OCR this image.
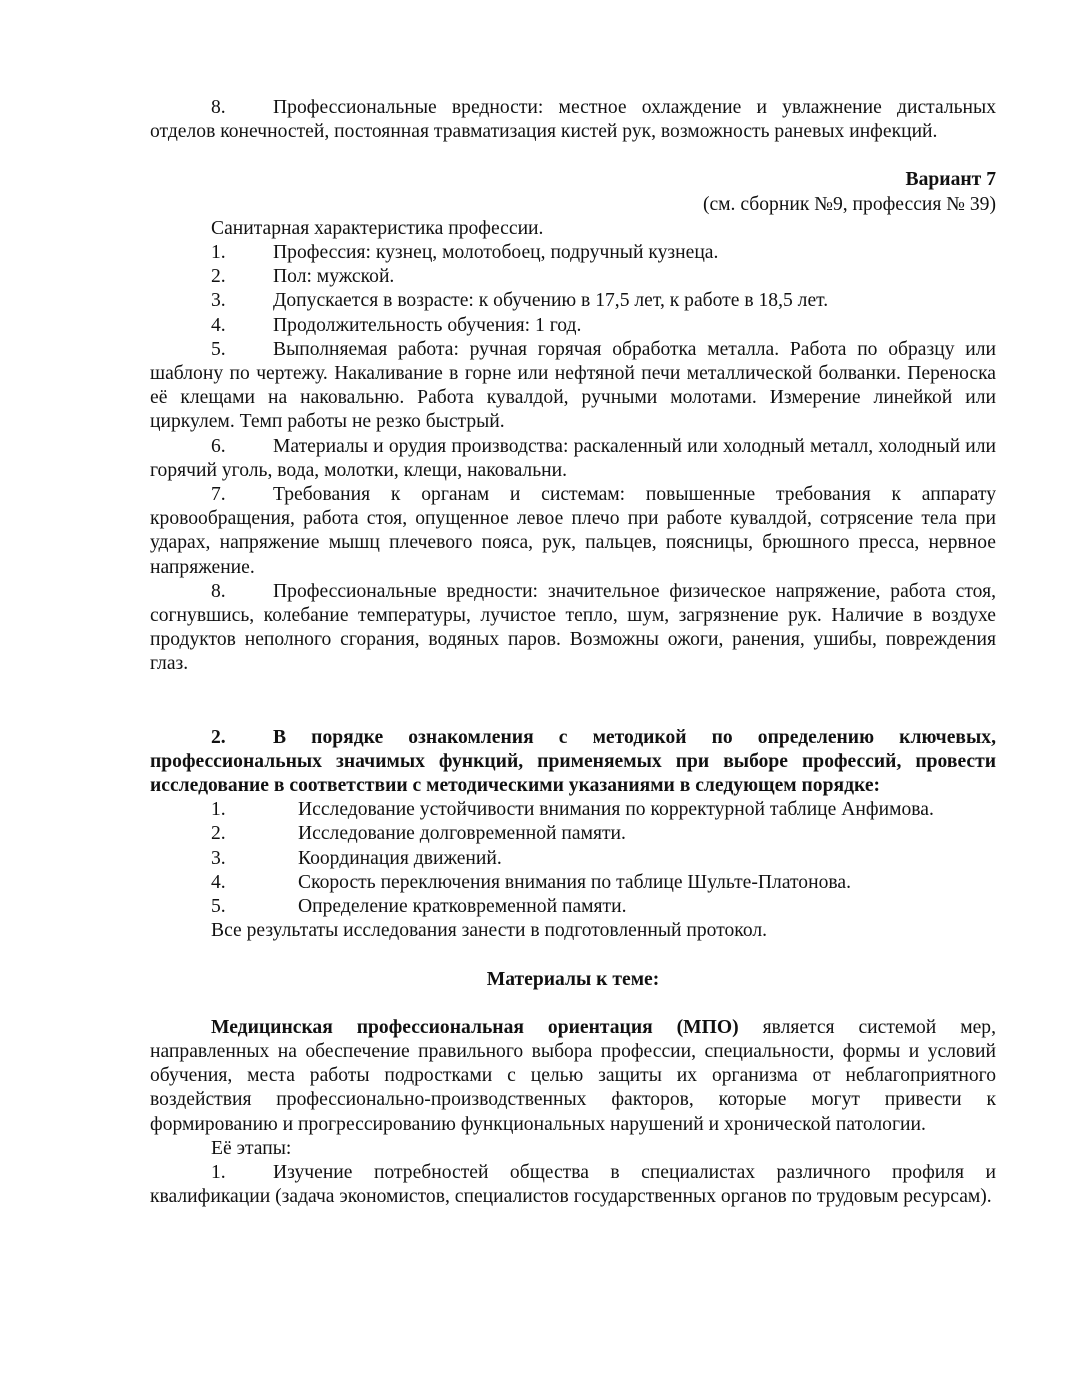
8. Профессиональные вредности: местное охлаждение и увлажнение дистальных отделов конечностей, постоянная травматизация кистей рук, возможность раневых инфекций.

Вариант 7

(см. сборник №9, профессия № 39)

Санитарная характеристика профессии.

1. Профессия: кузнец, молотобоец, подручный кузнеца.

2. Пол: мужской.

3. Допускается в возрасте: к обучению в 17,5 лет, к работе в 18,5 лет.

4. Продолжительность обучения: 1 год.

5. Выполняемая работа: ручная горячая обработка металла. Работа по образцу или шаблону по чертежу. Накаливание в горне или нефтяной печи металлической болванки. Переноска её клещами на наковальню. Работа кувалдой, ручными молотами. Измерение линейкой или циркулем. Темп работы не резко быстрый.

6. Материалы и орудия производства: раскаленный или холодный металл, холодный или горячий уголь, вода, молотки, клещи, наковальни.

7. Требования к органам и системам: повышенные требования к аппарату кровообращения, работа стоя, опущенное левое плечо при работе кувалдой, сотрясение тела при ударах, напряжение мышц плечевого пояса, рук, пальцев, поясницы, брюшного пресса, нервное напряжение.

8. Профессиональные вредности: значительное физическое напряжение, работа стоя, согнувшись, колебание температуры, лучистое тепло, шум, загрязнение рук. Наличие в воздухе продуктов неполного сгорания, водяных паров. Возможны ожоги, ранения, ушибы, повреждения глаз.

2. В порядке ознакомления с методикой по определению ключевых, профессиональных значимых функций, применяемых при выборе профессий, провести исследование в соответствии с методическими указаниями в следующем порядке:

1.	Исследование устойчивости внимания по корректурной таблице Анфимова.

2.	Исследование долговременной памяти.

3.	Координация движений.

4.	Скорость переключения внимания по таблице Шульте-Платонова.

5.	Определение кратковременной памяти.

Все результаты исследования занести в подготовленный протокол.

Материалы к теме:

Медицинская профессиональная ориентация (МПО) является системой мер, направленных на обеспечение правильного выбора профессии, специальности, формы и условий обучения, места работы подростками с целью защиты их организма от неблагоприятного воздействия профессионально-производственных факторов, которые могут привести к формированию и прогрессированию функциональных нарушений и хронической патологии.

Её этапы:

1. Изучение потребностей общества в специалистах различного профиля и квалификации (задача экономистов, специалистов государственных органов по трудовым ресурсам).
